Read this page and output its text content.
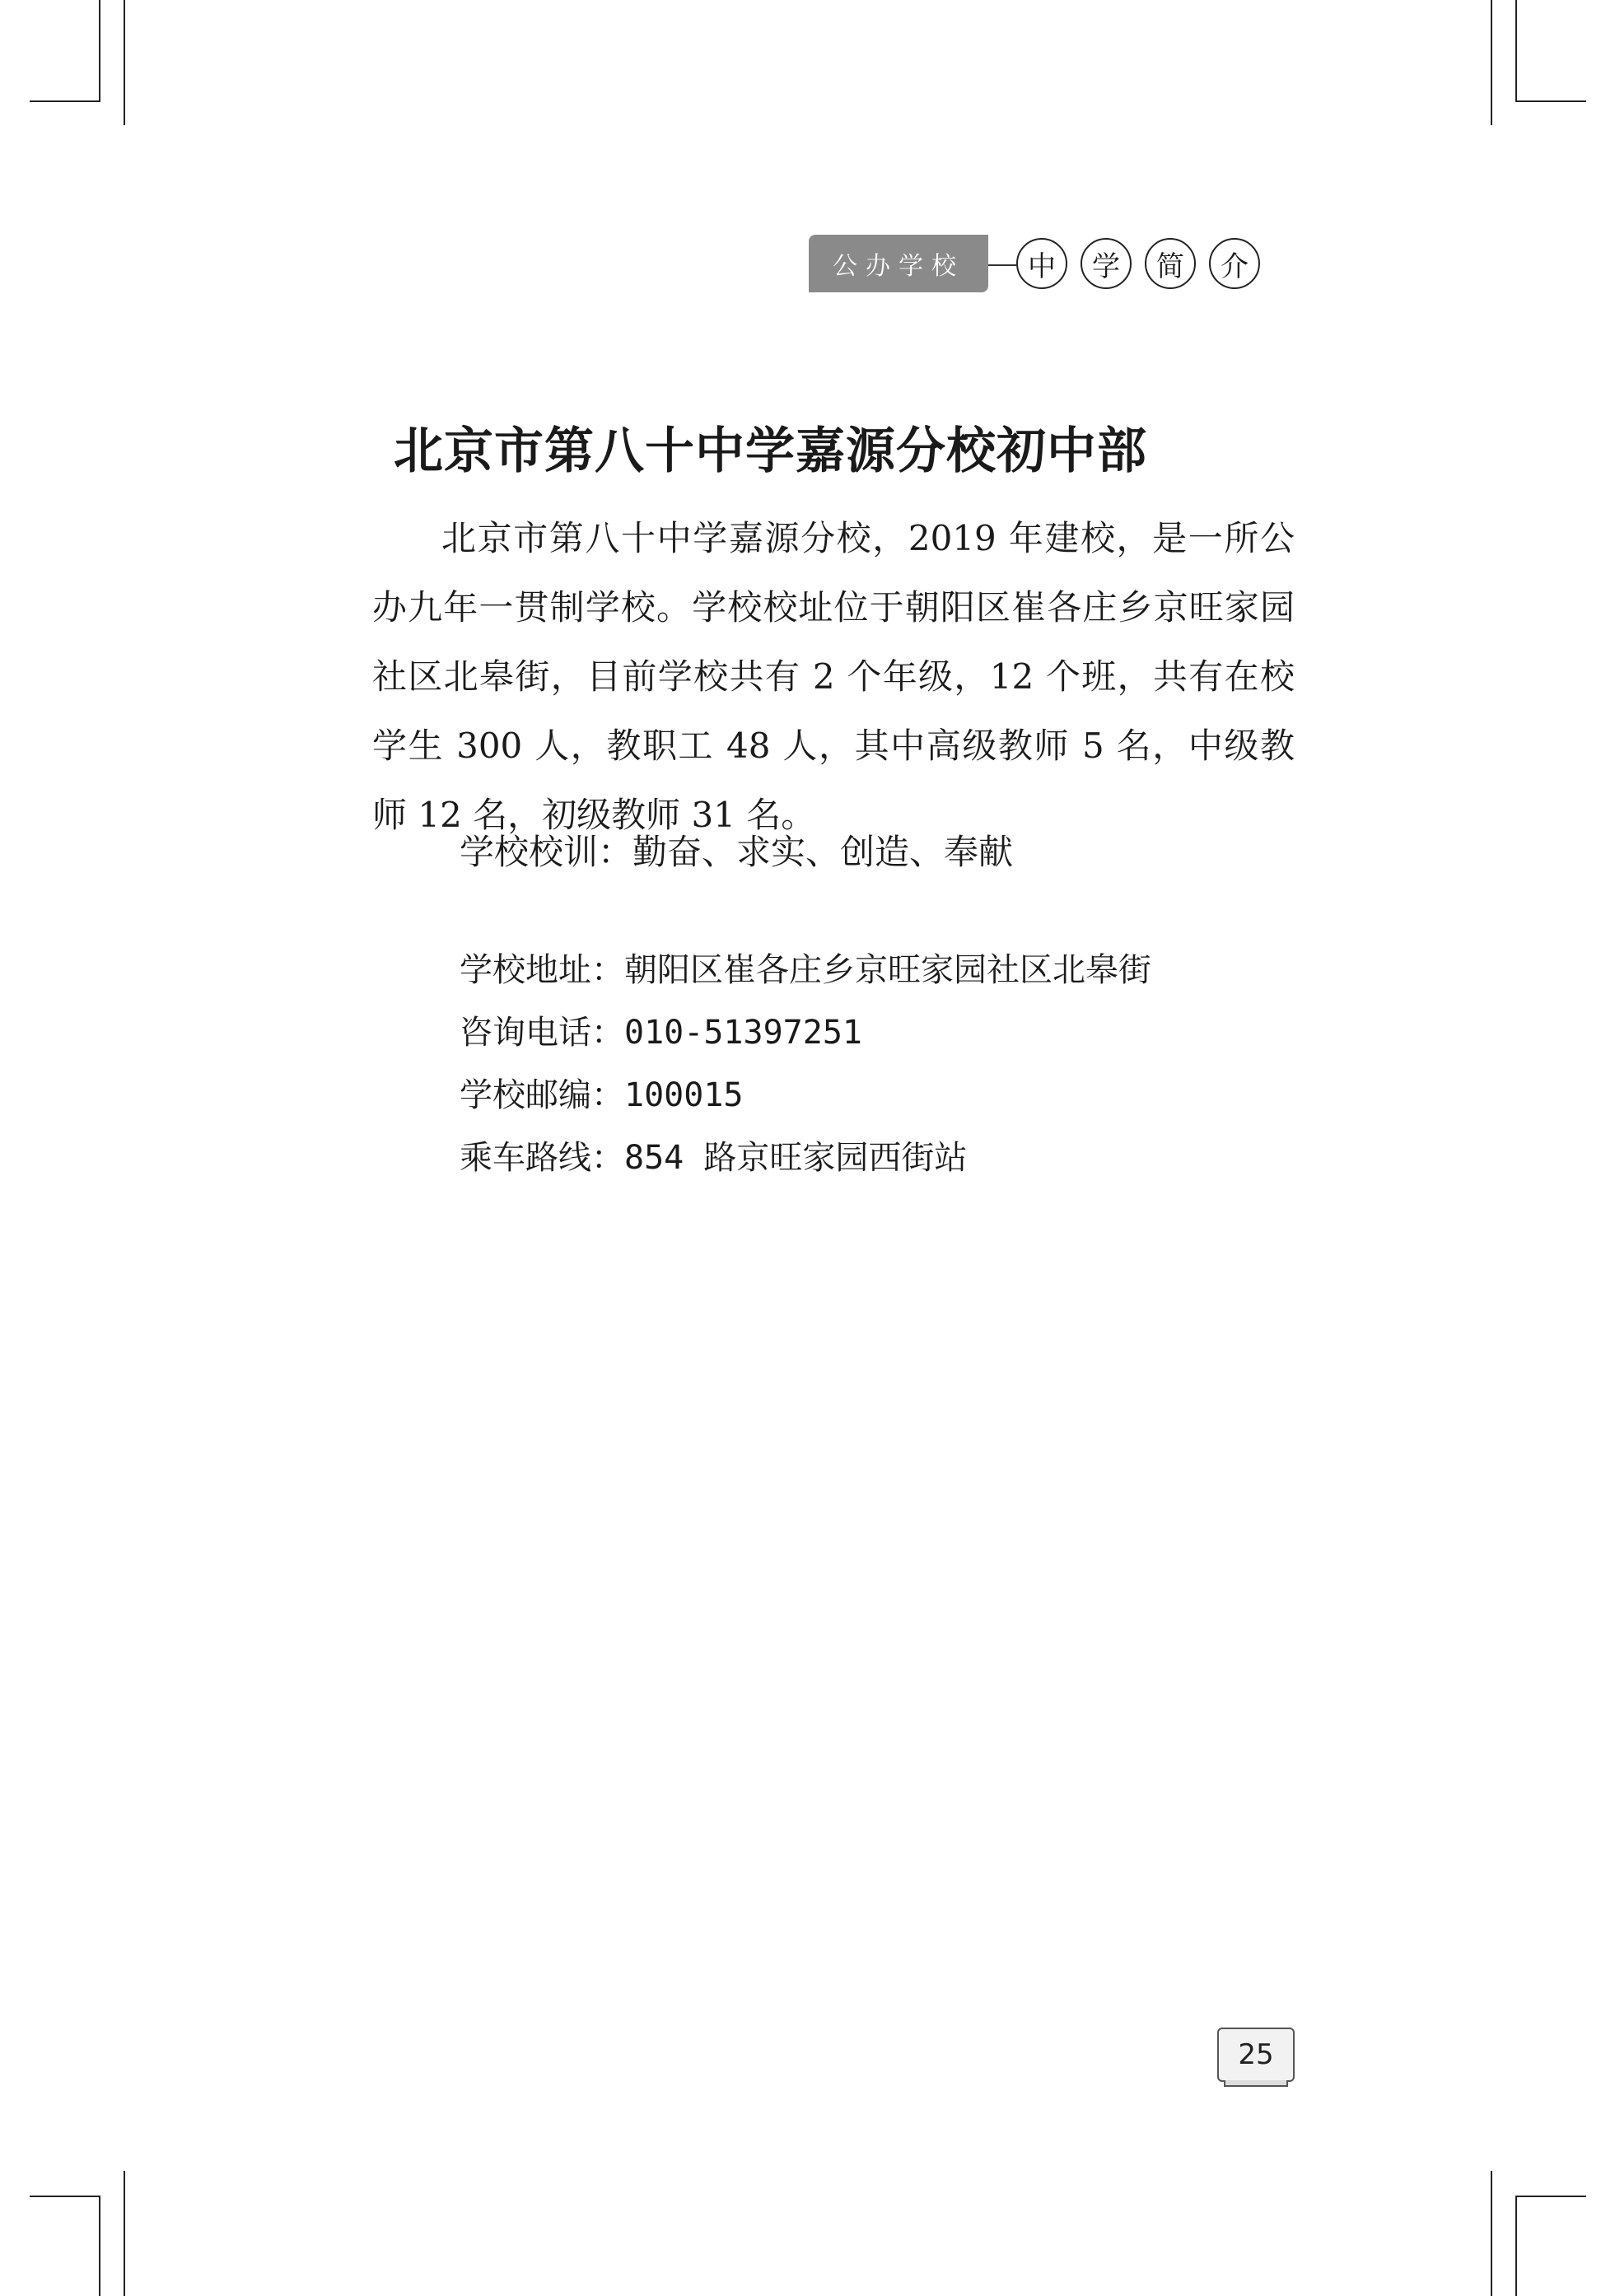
公办学校	中	学	简	介
北京市第八十中学嘉源分校初中部

北京市第八十中学嘉源分校，2019 年建校，是一所公办九年一贯制学校。学校校址位于朝阳区崔各庄乡京旺家园社区北皋街，目前学校共有 2 个年级，12 个班，共有在校学生 300 人，教职工 48 人，其中高级教师 5 名，中级教师 12 名，初级教师 31 名。

学校校训：勤奋、求实、创造、奉献

学校地址：朝阳区崔各庄乡京旺家园社区北皋街
咨询电话：010-51397251
学校邮编：100015
乘车路线：854 路京旺家园西街站
25
